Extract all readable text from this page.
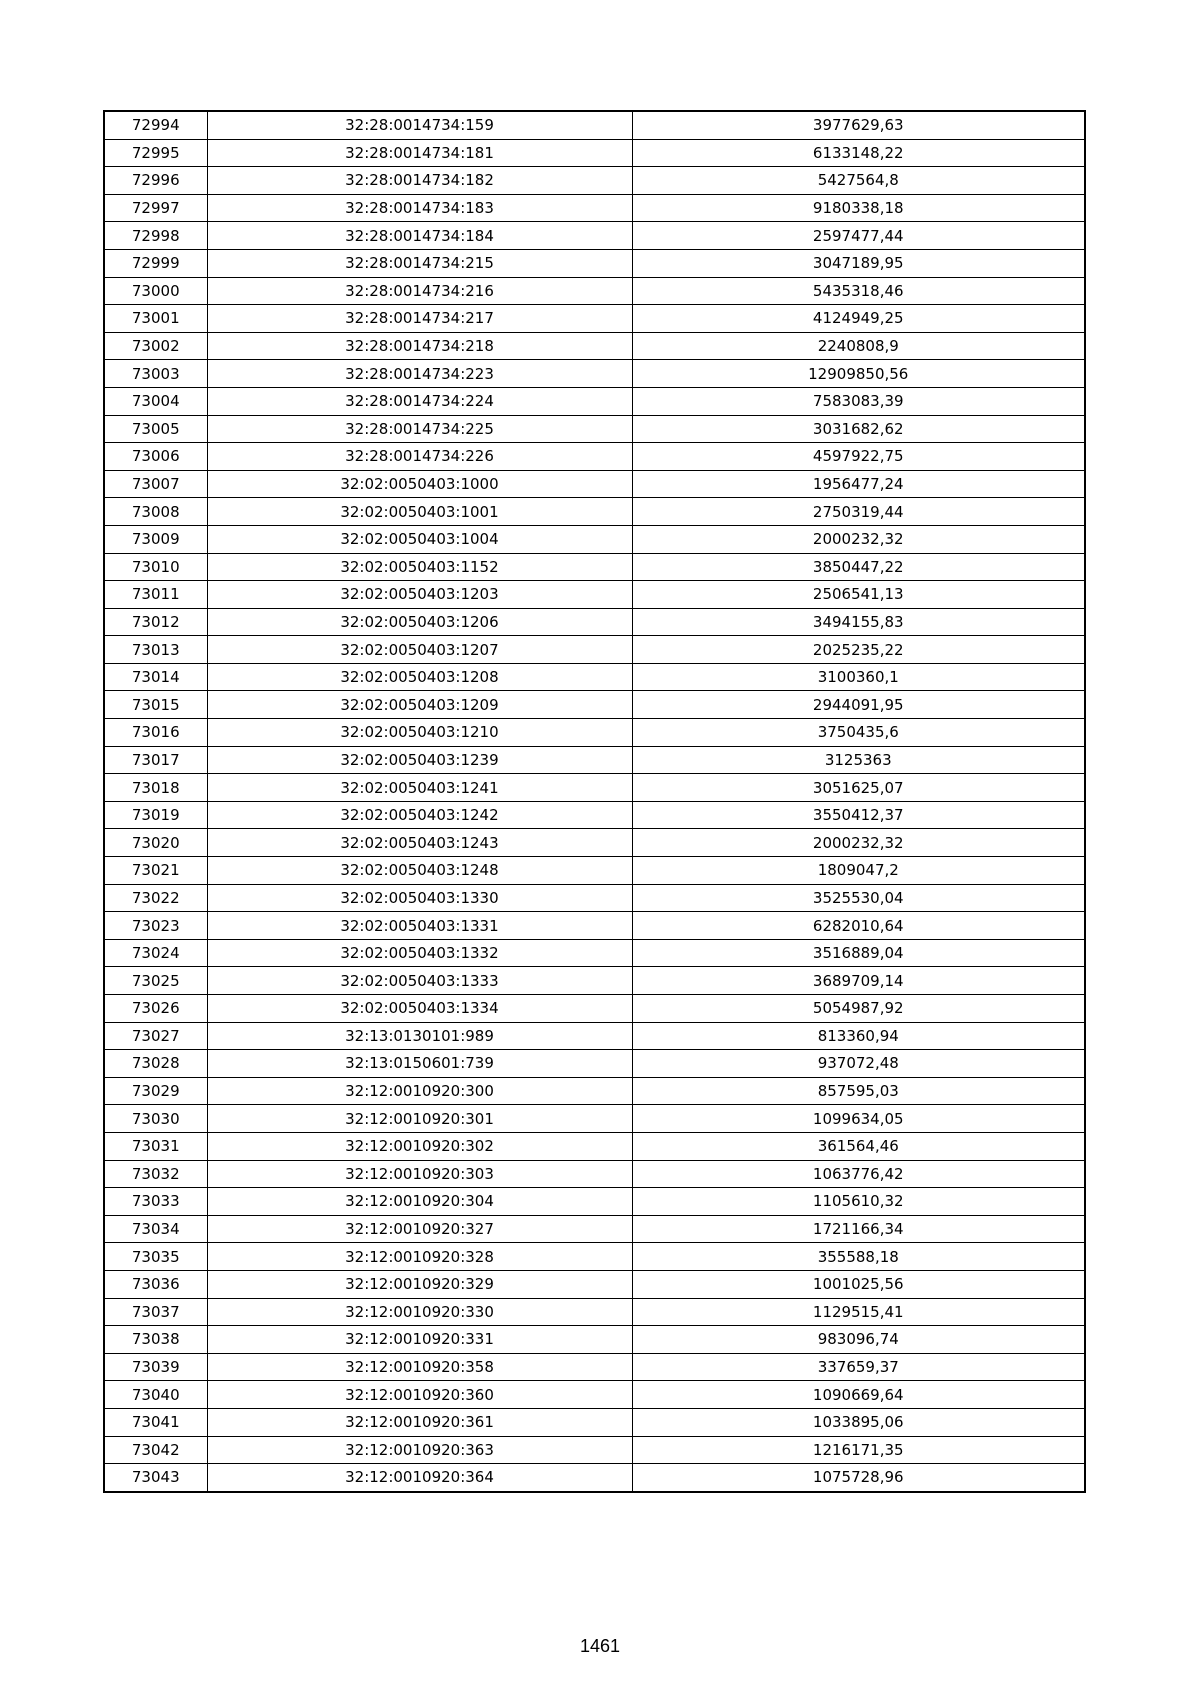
72994	32:28:0014734:159	3977629,63
72995	32:28:0014734:181	6133148,22
72996	32:28:0014734:182	5427564,8
72997	32:28:0014734:183	9180338,18
72998	32:28:0014734:184	2597477,44
72999	32:28:0014734:215	3047189,95
73000	32:28:0014734:216	5435318,46
73001	32:28:0014734:217	4124949,25
73002	32:28:0014734:218	2240808,9
73003	32:28:0014734:223	12909850,56
73004	32:28:0014734:224	7583083,39
73005	32:28:0014734:225	3031682,62
73006	32:28:0014734:226	4597922,75
73007	32:02:0050403:1000	1956477,24
73008	32:02:0050403:1001	2750319,44
73009	32:02:0050403:1004	2000232,32
73010	32:02:0050403:1152	3850447,22
73011	32:02:0050403:1203	2506541,13
73012	32:02:0050403:1206	3494155,83
73013	32:02:0050403:1207	2025235,22
73014	32:02:0050403:1208	3100360,1
73015	32:02:0050403:1209	2944091,95
73016	32:02:0050403:1210	3750435,6
73017	32:02:0050403:1239	3125363
73018	32:02:0050403:1241	3051625,07
73019	32:02:0050403:1242	3550412,37
73020	32:02:0050403:1243	2000232,32
73021	32:02:0050403:1248	1809047,2
73022	32:02:0050403:1330	3525530,04
73023	32:02:0050403:1331	6282010,64
73024	32:02:0050403:1332	3516889,04
73025	32:02:0050403:1333	3689709,14
73026	32:02:0050403:1334	5054987,92
73027	32:13:0130101:989	813360,94
73028	32:13:0150601:739	937072,48
73029	32:12:0010920:300	857595,03
73030	32:12:0010920:301	1099634,05
73031	32:12:0010920:302	361564,46
73032	32:12:0010920:303	1063776,42
73033	32:12:0010920:304	1105610,32
73034	32:12:0010920:327	1721166,34
73035	32:12:0010920:328	355588,18
73036	32:12:0010920:329	1001025,56
73037	32:12:0010920:330	1129515,41
73038	32:12:0010920:331	983096,74
73039	32:12:0010920:358	337659,37
73040	32:12:0010920:360	1090669,64
73041	32:12:0010920:361	1033895,06
73042	32:12:0010920:363	1216171,35
73043	32:12:0010920:364	1075728,96
1461
